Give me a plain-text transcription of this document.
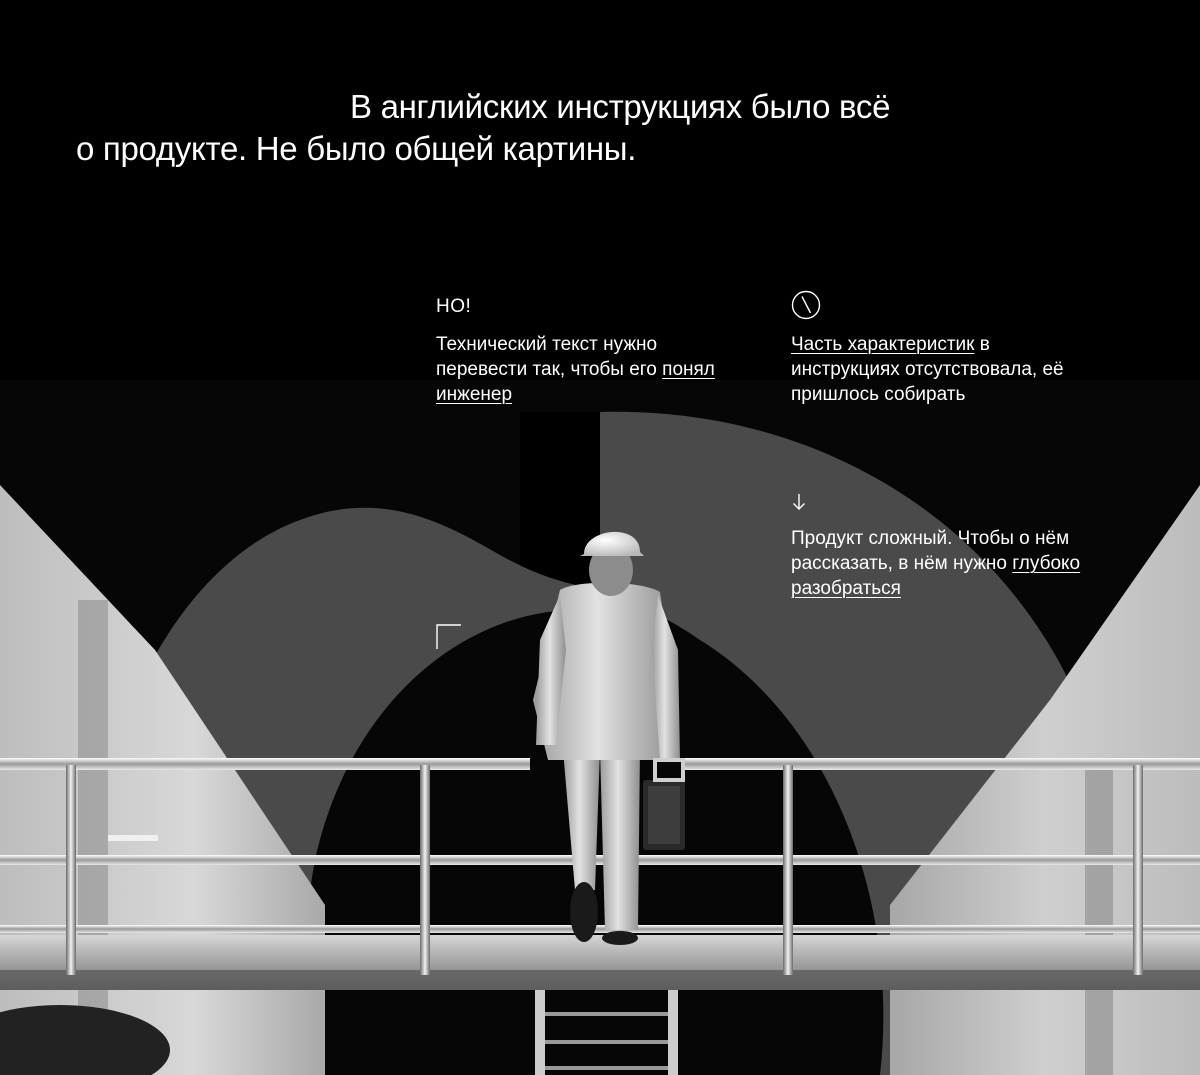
В английских инструкциях было всё
о продукте. Не было общей картины.
НО!

Технический текст нужно перевести так, чтобы его понял инженер

Часть характеристик в инструкциях отсутствовала, её пришлось собирать

Продукт сложный. Чтобы о нём рассказать, в нём нужно глубоко разобраться
